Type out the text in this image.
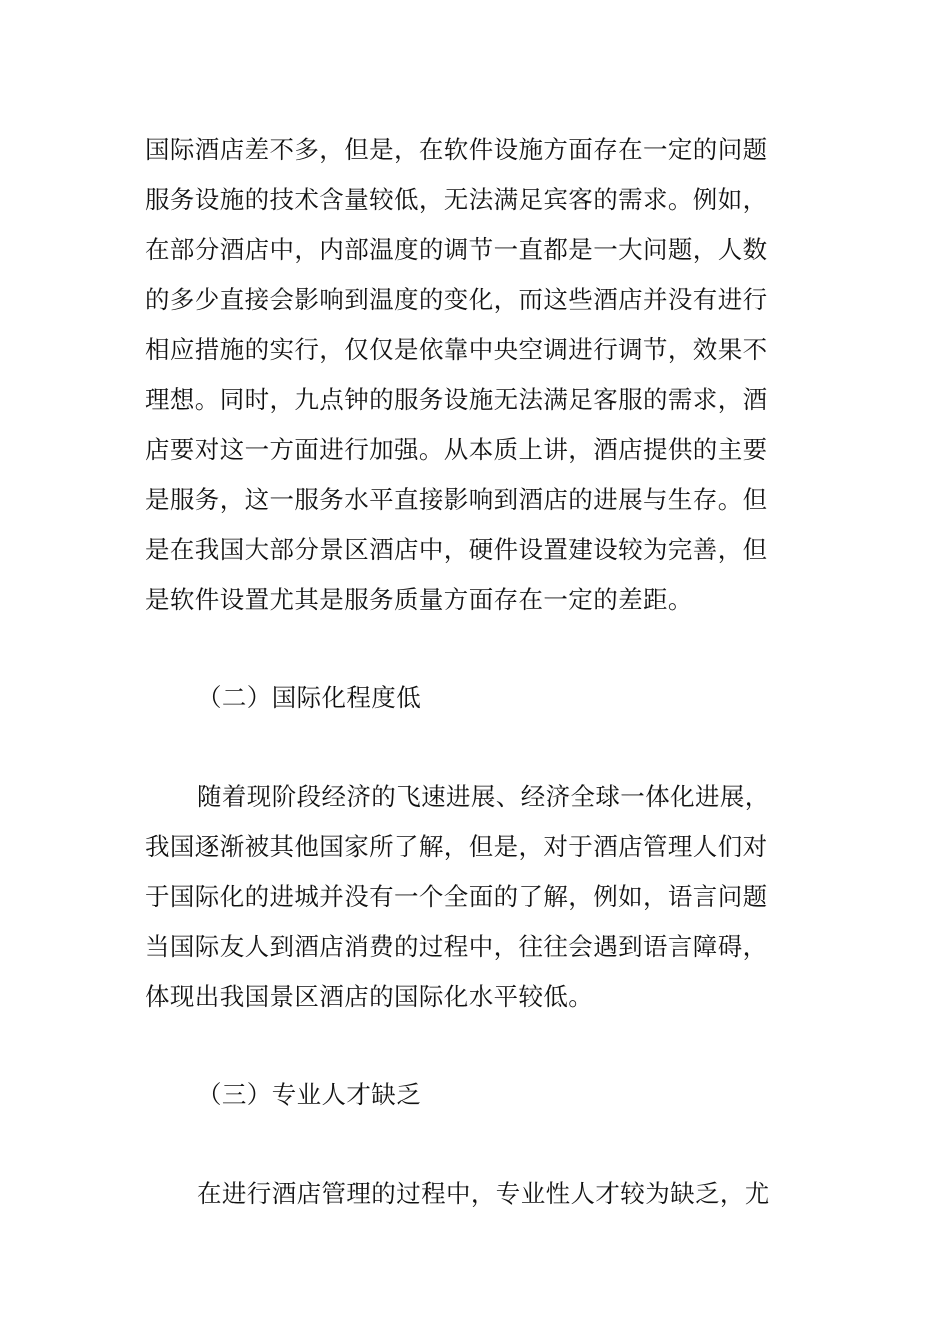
国际酒店差不多，但是，在软件设施方面存在一定的问题
服务设施的技术含量较低，无法满足宾客的需求。例如，
在部分酒店中，内部温度的调节一直都是一大问题，人数
的多少直接会影响到温度的变化，而这些酒店并没有进行
相应措施的实行，仅仅是依靠中央空调进行调节，效果不
理想。同时，九点钟的服务设施无法满足客服的需求，酒
店要对这一方面进行加强。从本质上讲，酒店提供的主要
是服务，这一服务水平直接影响到酒店的进展与生存。但
是在我国大部分景区酒店中，硬件设置建设较为完善，但
是软件设置尤其是服务质量方面存在一定的差距。
（二）国际化程度低
随着现阶段经济的飞速进展、经济全球一体化进展，
我国逐渐被其他国家所了解，但是，对于酒店管理人们对
于国际化的进城并没有一个全面的了解，例如，语言问题
当国际友人到酒店消费的过程中，往往会遇到语言障碍，
体现出我国景区酒店的国际化水平较低。
（三）专业人才缺乏
在进行酒店管理的过程中，专业性人才较为缺乏，尤
